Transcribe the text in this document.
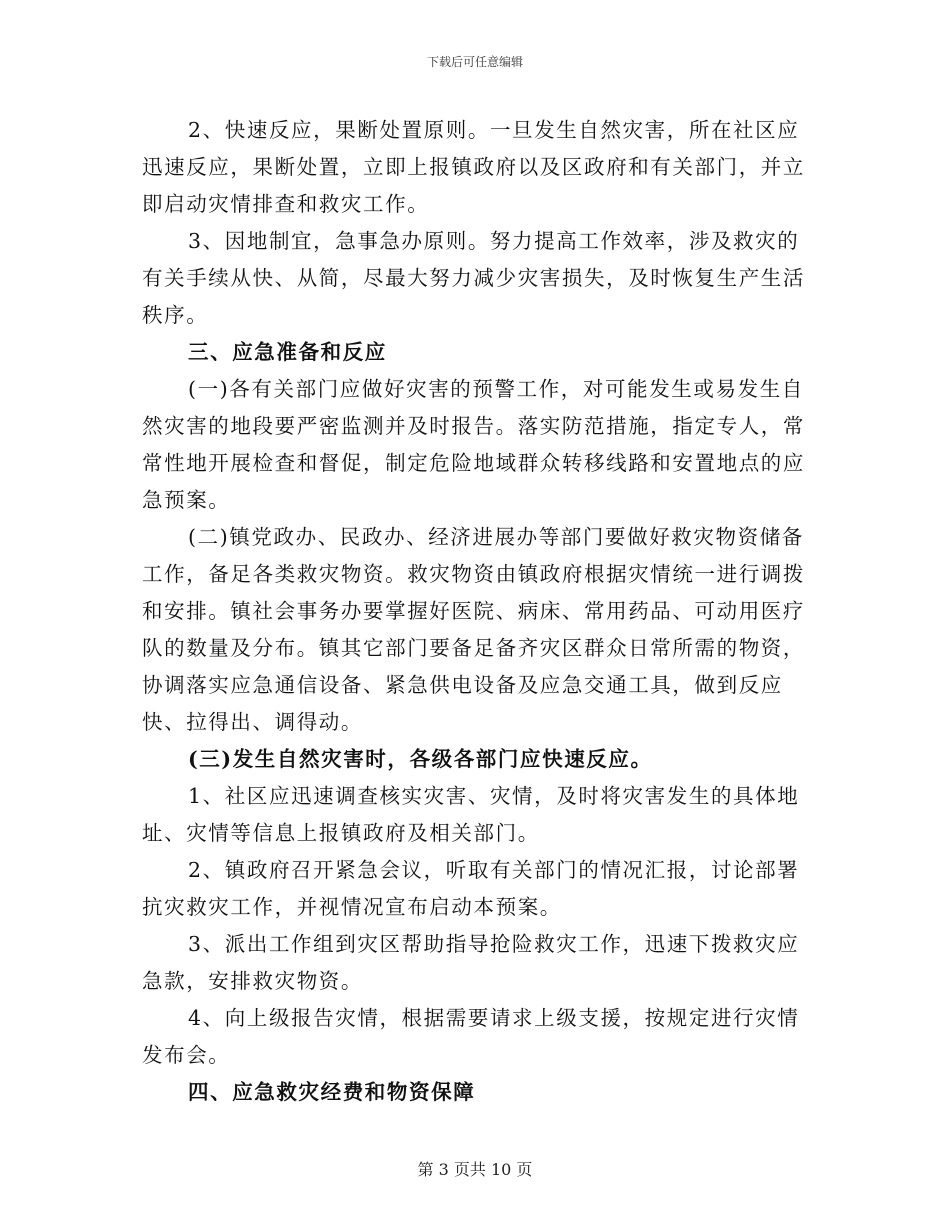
下载后可任意编辑

2、快速反应，果断处置原则。一旦发生自然灾害，所在社区应迅速反应，果断处置，立即上报镇政府以及区政府和有关部门，并立即启动灾情排查和救灾工作。

3、因地制宜，急事急办原则。努力提高工作效率，涉及救灾的有关手续从快、从简，尽最大努力减少灾害损失，及时恢复生产生活秩序。

三、应急准备和反应

(一)各有关部门应做好灾害的预警工作，对可能发生或易发生自然灾害的地段要严密监测并及时报告。落实防范措施，指定专人，常常性地开展检查和督促，制定危险地域群众转移线路和安置地点的应急预案。

(二)镇党政办、民政办、经济进展办等部门要做好救灾物资储备工作，备足各类救灾物资。救灾物资由镇政府根据灾情统一进行调拨和安排。镇社会事务办要掌握好医院、病床、常用药品、可动用医疗队的数量及分布。镇其它部门要备足备齐灾区群众日常所需的物资，协调落实应急通信设备、紧急供电设备及应急交通工具，做到反应快、拉得出、调得动。

(三)发生自然灾害时，各级各部门应快速反应。

1、社区应迅速调查核实灾害、灾情，及时将灾害发生的具体地址、灾情等信息上报镇政府及相关部门。

2、镇政府召开紧急会议，听取有关部门的情况汇报，讨论部署抗灾救灾工作，并视情况宣布启动本预案。

3、派出工作组到灾区帮助指导抢险救灾工作，迅速下拨救灾应急款，安排救灾物资。

4、向上级报告灾情，根据需要请求上级支援，按规定进行灾情发布会。

四、应急救灾经费和物资保障

第 3 页共 10 页
